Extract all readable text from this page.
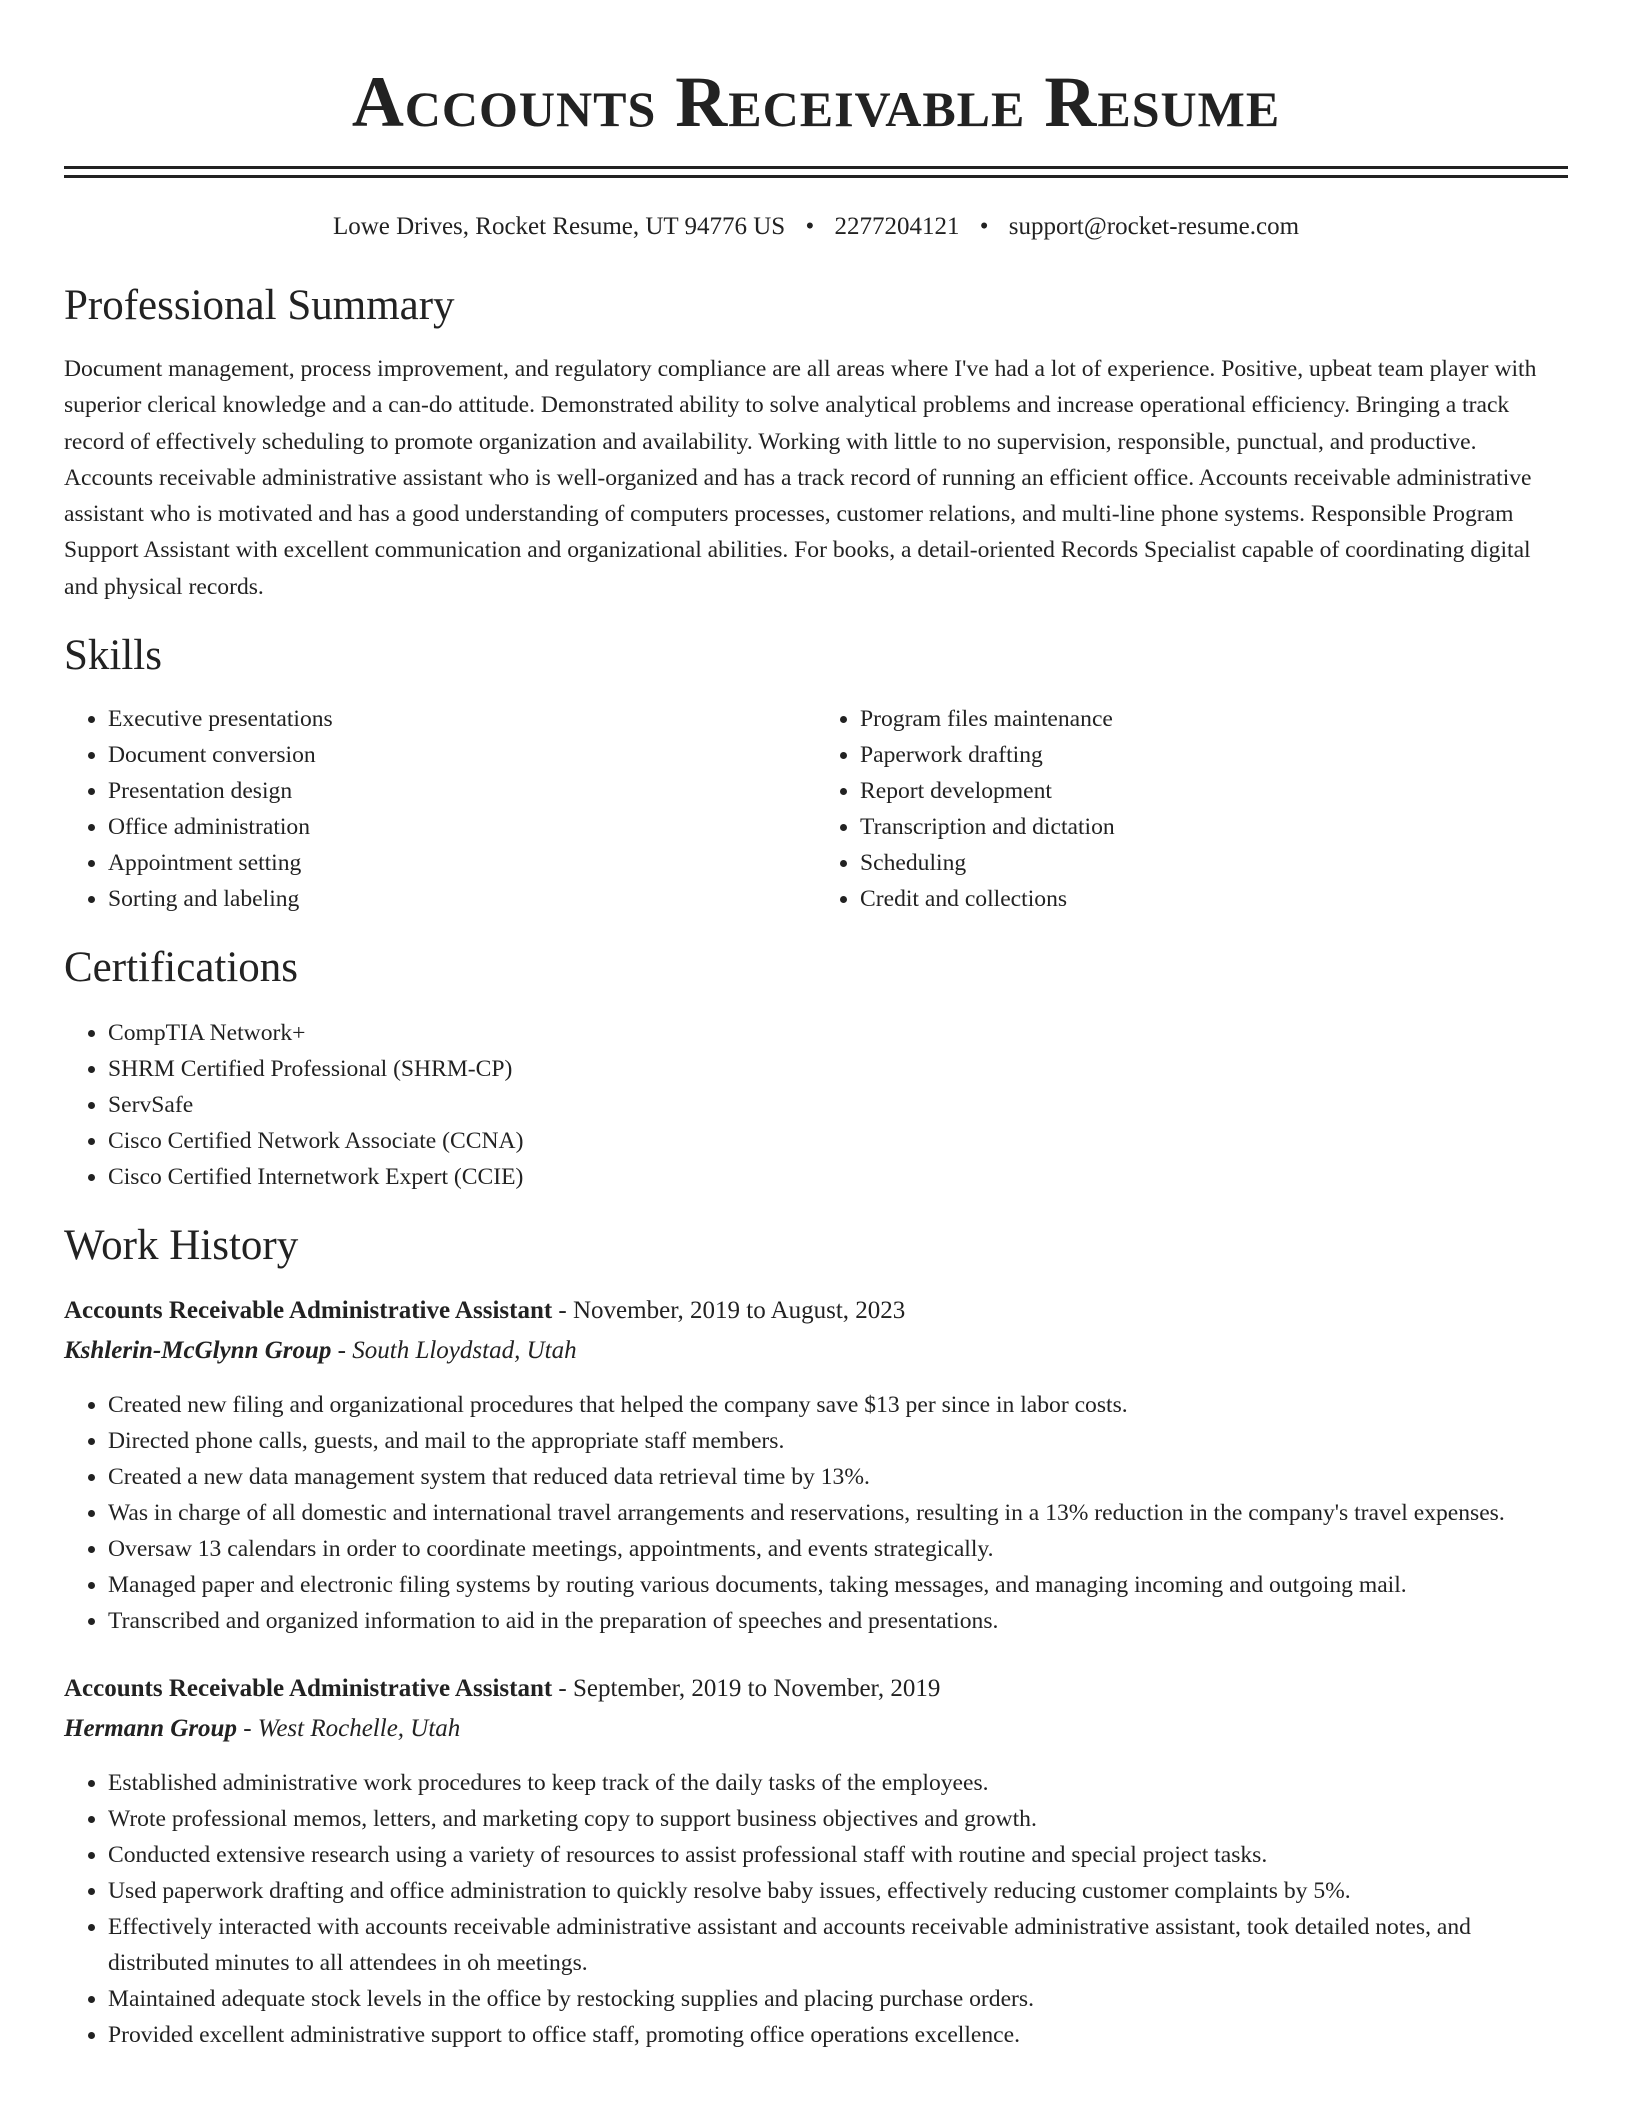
Accounts Receivable Resume
Lowe Drives, Rocket Resume, UT 94776 US • 2277204121 • support@rocket-resume.com
Professional Summary

Document management, process improvement, and regulatory compliance are all areas where I've had a lot of experience. Positive, upbeat team player with superior clerical knowledge and a can-do attitude. Demonstrated ability to solve analytical problems and increase operational efficiency. Bringing a track record of effectively scheduling to promote organization and availability. Working with little to no supervision, responsible, punctual, and productive. Accounts receivable administrative assistant who is well-organized and has a track record of running an efficient office. Accounts receivable administrative assistant who is motivated and has a good understanding of computers processes, customer relations, and multi-line phone systems. Responsible Program Support Assistant with excellent communication and organizational abilities. For books, a detail-oriented Records Specialist capable of coordinating digital and physical records.

Skills
• Executive presentations
• Document conversion
• Presentation design
• Office administration
• Appointment setting
• Sorting and labeling
• Program files maintenance
• Paperwork drafting
• Report development
• Transcription and dictation
• Scheduling
• Credit and collections
Certifications
• CompTIA Network+
• SHRM Certified Professional (SHRM-CP)
• ServSafe
• Cisco Certified Network Associate (CCNA)
• Cisco Certified Internetwork Expert (CCIE)
Work History
Accounts Receivable Administrative Assistant - November, 2019 to August, 2023
Kshlerin-McGlynn Group - South Lloydstad, Utah
• Created new filing and organizational procedures that helped the company save $13 per since in labor costs.
• Directed phone calls, guests, and mail to the appropriate staff members.
• Created a new data management system that reduced data retrieval time by 13%.
• Was in charge of all domestic and international travel arrangements and reservations, resulting in a 13% reduction in the company's travel expenses.
• Oversaw 13 calendars in order to coordinate meetings, appointments, and events strategically.
• Managed paper and electronic filing systems by routing various documents, taking messages, and managing incoming and outgoing mail.
• Transcribed and organized information to aid in the preparation of speeches and presentations.
Accounts Receivable Administrative Assistant - September, 2019 to November, 2019
Hermann Group - West Rochelle, Utah
• Established administrative work procedures to keep track of the daily tasks of the employees.
• Wrote professional memos, letters, and marketing copy to support business objectives and growth.
• Conducted extensive research using a variety of resources to assist professional staff with routine and special project tasks.
• Used paperwork drafting and office administration to quickly resolve baby issues, effectively reducing customer complaints by 5%.
• Effectively interacted with accounts receivable administrative assistant and accounts receivable administrative assistant, took detailed notes, and distributed minutes to all attendees in oh meetings.
• Maintained adequate stock levels in the office by restocking supplies and placing purchase orders.
• Provided excellent administrative support to office staff, promoting office operations excellence.
